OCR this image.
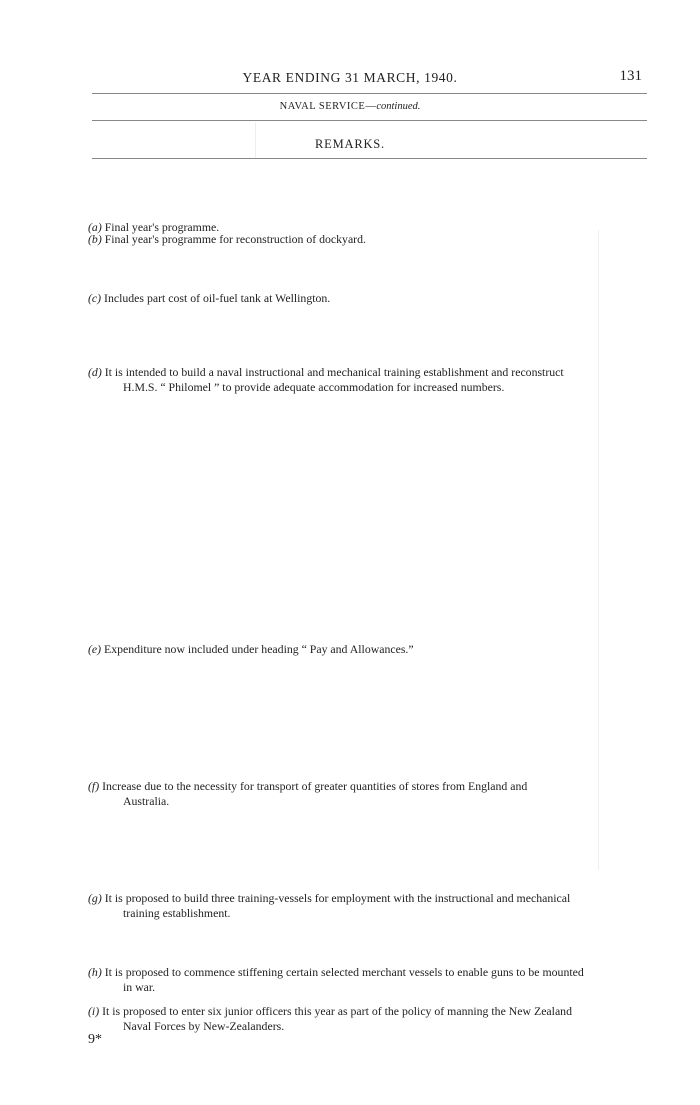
YEAR ENDING 31 MARCH, 1940.	131
NAVAL SERVICE—continued.
REMARKS.
(a) Final year's programme.
(b) Final year's programme for reconstruction of dockyard.
(c) Includes part cost of oil-fuel tank at Wellington.
(d) It is intended to build a naval instructional and mechanical training establishment and reconstruct
H.M.S. “ Philomel ” to provide adequate accommodation for increased numbers.
(e) Expenditure now included under heading “ Pay and Allowances.”
(f) Increase due to the necessity for transport of greater quantities of stores from England and
Australia.
(g) It is proposed to build three training-vessels for employment with the instructional and mechanical
training establishment.
(h) It is proposed to commence stiffening certain selected merchant vessels to enable guns to be mounted
in war.
(i) It is proposed to enter six junior officers this year as part of the policy of manning the New Zealand
Naval Forces by New-Zealanders.
9*
